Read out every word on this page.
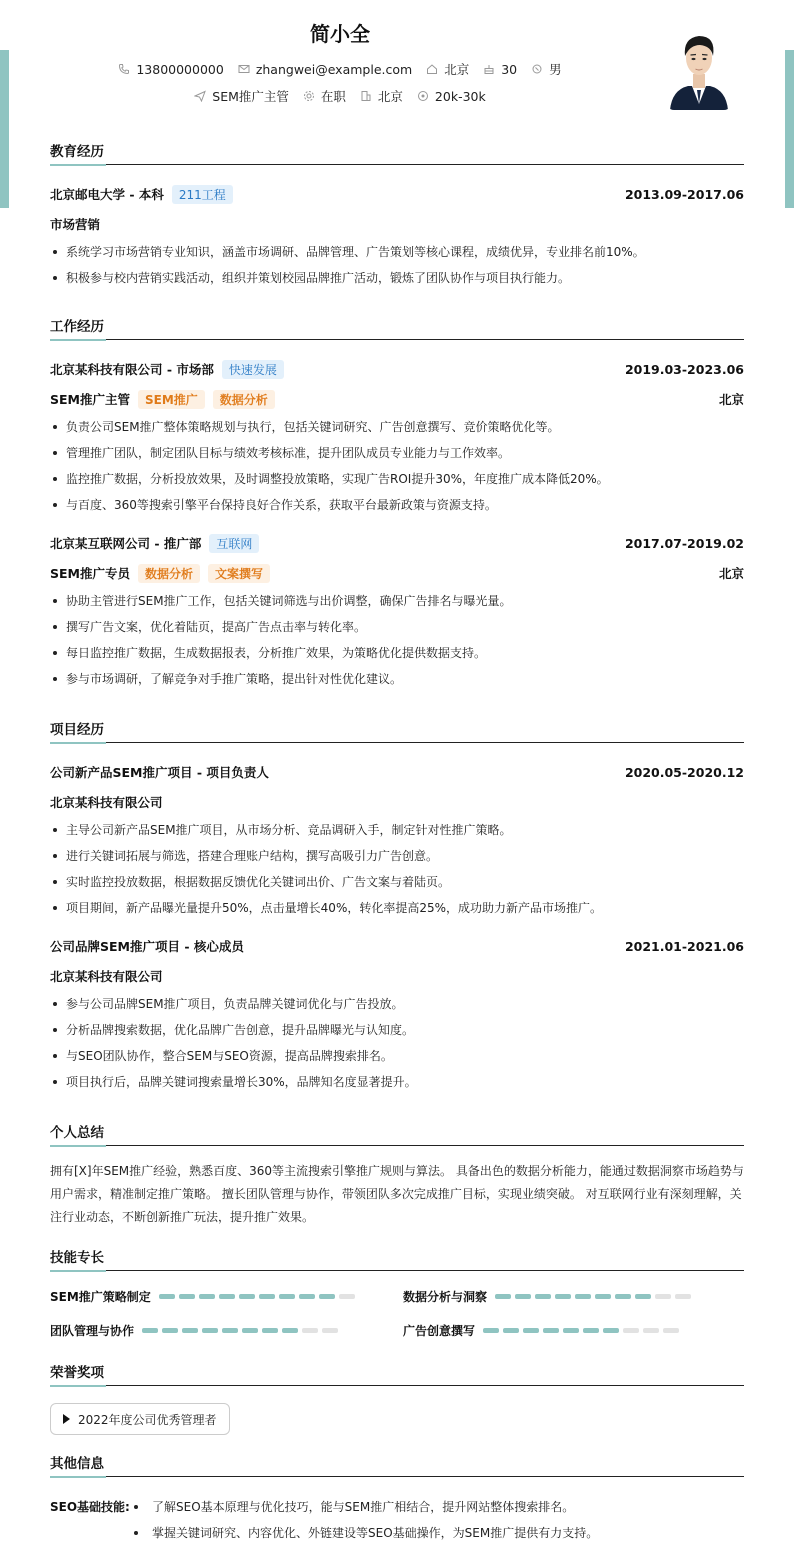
简小全
13800000000	zhangwei@example.com	北京	30	男
SEM推广主管	在职	北京	20k-30k
教育经历
北京邮电大学 - 本科	211工程	2013.09-2017.06
市场营销
系统学习市场营销专业知识，涵盖市场调研、品牌管理、广告策划等核心课程，成绩优异，专业排名前10%。
积极参与校内营销实践活动，组织并策划校园品牌推广活动，锻炼了团队协作与项目执行能力。
工作经历
北京某科技有限公司 - 市场部	快速发展	2019.03-2023.06
SEM推广主管	SEM推广	数据分析	北京
负责公司SEM推广整体策略规划与执行，包括关键词研究、广告创意撰写、竞价策略优化等。
管理推广团队，制定团队目标与绩效考核标准，提升团队成员专业能力与工作效率。
监控推广数据，分析投放效果，及时调整投放策略，实现广告ROI提升30%，年度推广成本降低20%。
与百度、360等搜索引擎平台保持良好合作关系，获取平台最新政策与资源支持。
北京某互联网公司 - 推广部	互联网	2017.07-2019.02
SEM推广专员	数据分析	文案撰写	北京
协助主管进行SEM推广工作，包括关键词筛选与出价调整，确保广告排名与曝光量。
撰写广告文案，优化着陆页，提高广告点击率与转化率。
每日监控推广数据，生成数据报表，分析推广效果，为策略优化提供数据支持。
参与市场调研，了解竞争对手推广策略，提出针对性优化建议。
项目经历
公司新产品SEM推广项目 - 项目负责人	2020.05-2020.12
北京某科技有限公司
主导公司新产品SEM推广项目，从市场分析、竞品调研入手，制定针对性推广策略。
进行关键词拓展与筛选，搭建合理账户结构，撰写高吸引力广告创意。
实时监控投放数据，根据数据反馈优化关键词出价、广告文案与着陆页。
项目期间，新产品曝光量提升50%，点击量增长40%，转化率提高25%，成功助力新产品市场推广。
公司品牌SEM推广项目 - 核心成员	2021.01-2021.06
北京某科技有限公司
参与公司品牌SEM推广项目，负责品牌关键词优化与广告投放。
分析品牌搜索数据，优化品牌广告创意，提升品牌曝光与认知度。
与SEO团队协作，整合SEM与SEO资源，提高品牌搜索排名。
项目执行后，品牌关键词搜索量增长30%，品牌知名度显著提升。
个人总结
拥有[X]年SEM推广经验，熟悉百度、360等主流搜索引擎推广规则与算法。 具备出色的数据分析能力，能通过数据洞察市场趋势与
用户需求，精准制定推广策略。 擅长团队管理与协作，带领团队多次完成推广目标，实现业绩突破。 对互联网行业有深刻理解，关
注行业动态，不断创新推广玩法，提升推广效果。
技能专长
SEM推广策略制定	数据分析与洞察
团队管理与协作	广告创意撰写
荣誉奖项
2022年度公司优秀管理者
其他信息
SEO基础技能:	了解SEO基本原理与优化技巧，能与SEM推广相结合，提升网站整体搜索排名。
掌握关键词研究、内容优化、外链建设等SEO基础操作，为SEM推广提供有力支持。
